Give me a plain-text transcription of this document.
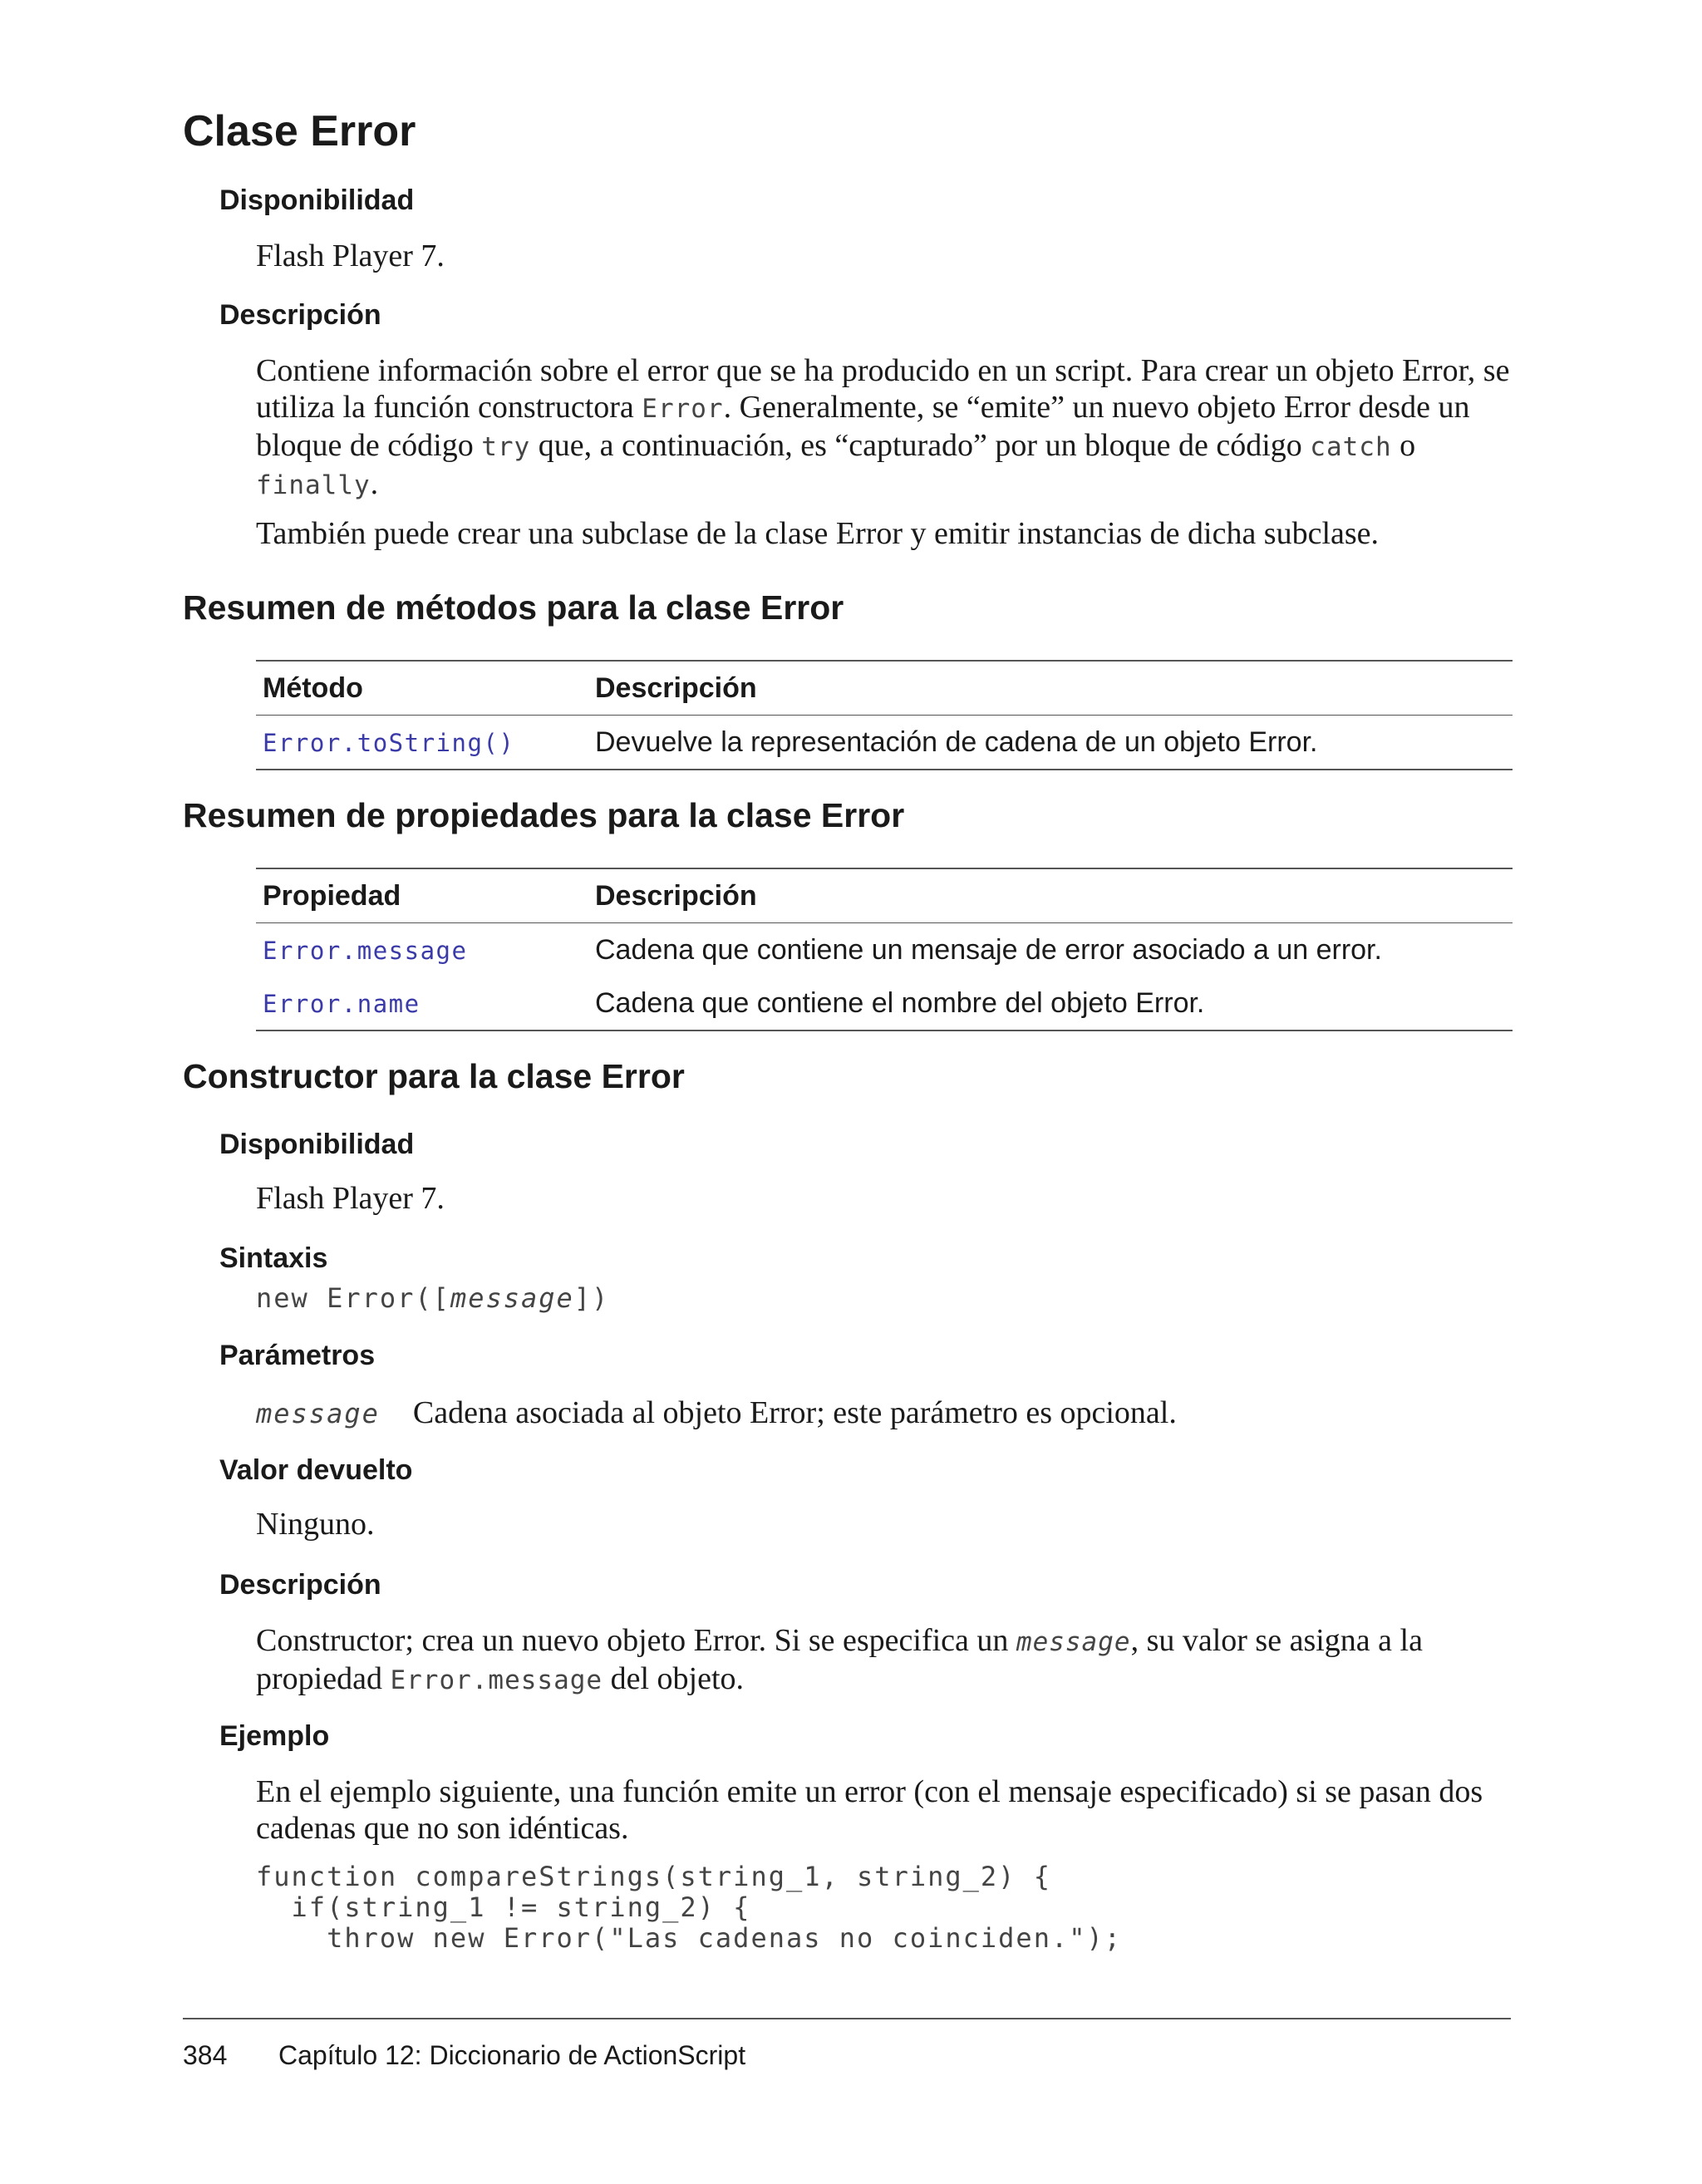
Clase Error
Disponibilidad

Flash Player 7.

Descripción

Contiene información sobre el error que se ha producido en un script. Para crear un objeto Error, se utiliza la función constructora Error. Generalmente, se “emite” un nuevo objeto Error desde un bloque de código try que, a continuación, es “capturado” por un bloque de código catch o finally.

También puede crear una subclase de la clase Error y emitir instancias de dicha subclase.

Resumen de métodos para la clase Error
Método	Descripción
Error.toString()	Devuelve la representación de cadena de un objeto Error.
Resumen de propiedades para la clase Error
Propiedad	Descripción
Error.message	Cadena que contiene un mensaje de error asociado a un error.
Error.name	Cadena que contiene el nombre del objeto Error.
Constructor para la clase Error
Disponibilidad

Flash Player 7.

Sintaxis

new Error([message])

Parámetros
message Cadena asociada al objeto Error; este parámetro es opcional.
Valor devuelto

Ninguno.

Descripción

Constructor; crea un nuevo objeto Error. Si se especifica un message, su valor se asigna a la propiedad Error.message del objeto.

Ejemplo

En el ejemplo siguiente, una función emite un error (con el mensaje especificado) si se pasan dos cadenas que no son idénticas.

function compareStrings(string_1, string_2) {
if(string_1 != string_2) {
throw new Error("Las cadenas no coinciden.");
384 Capítulo 12: Diccionario de ActionScript
